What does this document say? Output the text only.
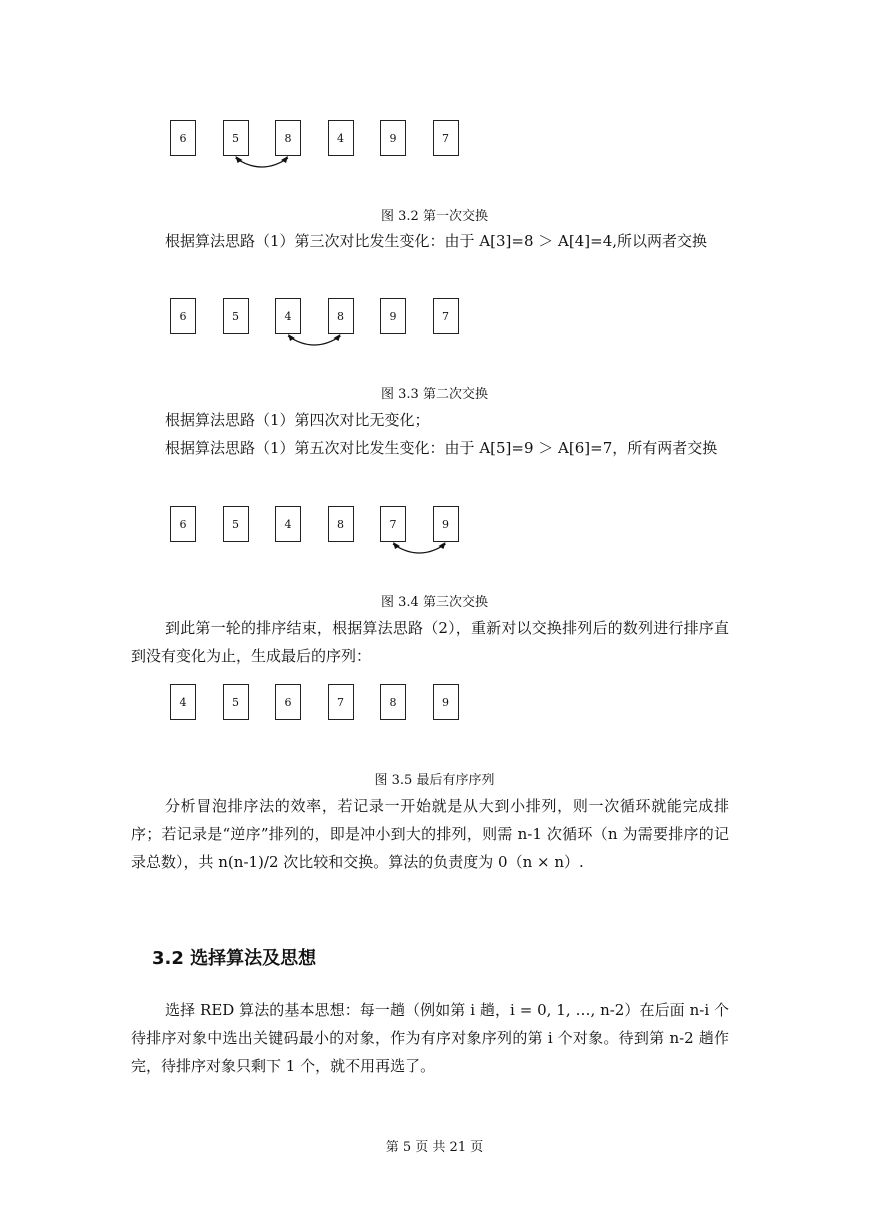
6	5	8	4	9	7
图 3.2 第一次交换

根据算法思路（1）第三次对比发生变化：由于 A[3]=8 ＞ A[4]=4,所以两者交换

6	5	4	8	9	7
图 3.3 第二次交换

根据算法思路（1）第四次对比无变化；

根据算法思路（1）第五次对比发生变化：由于 A[5]=9 ＞ A[6]=7，所有两者交换

6	5	4	8	7	9
图 3.4 第三次交换

到此第一轮的排序结束，根据算法思路（2），重新对以交换排列后的数列进行排序直到没有变化为止，生成最后的序列：

4	5	6	7	8	9
图 3.5 最后有序序列

分析冒泡排序法的效率，若记录一开始就是从大到小排列，则一次循环就能完成排序；若记录是“逆序”排列的，即是冲小到大的排列，则需 n-1 次循环（n 为需要排序的记录总数），共 n(n-1)/2 次比较和交换。算法的负责度为 0（n × n）.

3.2 选择算法及思想

选择 RED 算法的基本思想：每一趟（例如第 i 趟，i = 0, 1, …, n-2）在后面 n-i 个待排序对象中选出关键码最小的对象，作为有序对象序列的第 i 个对象。待到第 n-2 趟作完，待排序对象只剩下 1 个，就不用再选了。

第 5 页 共 21 页
